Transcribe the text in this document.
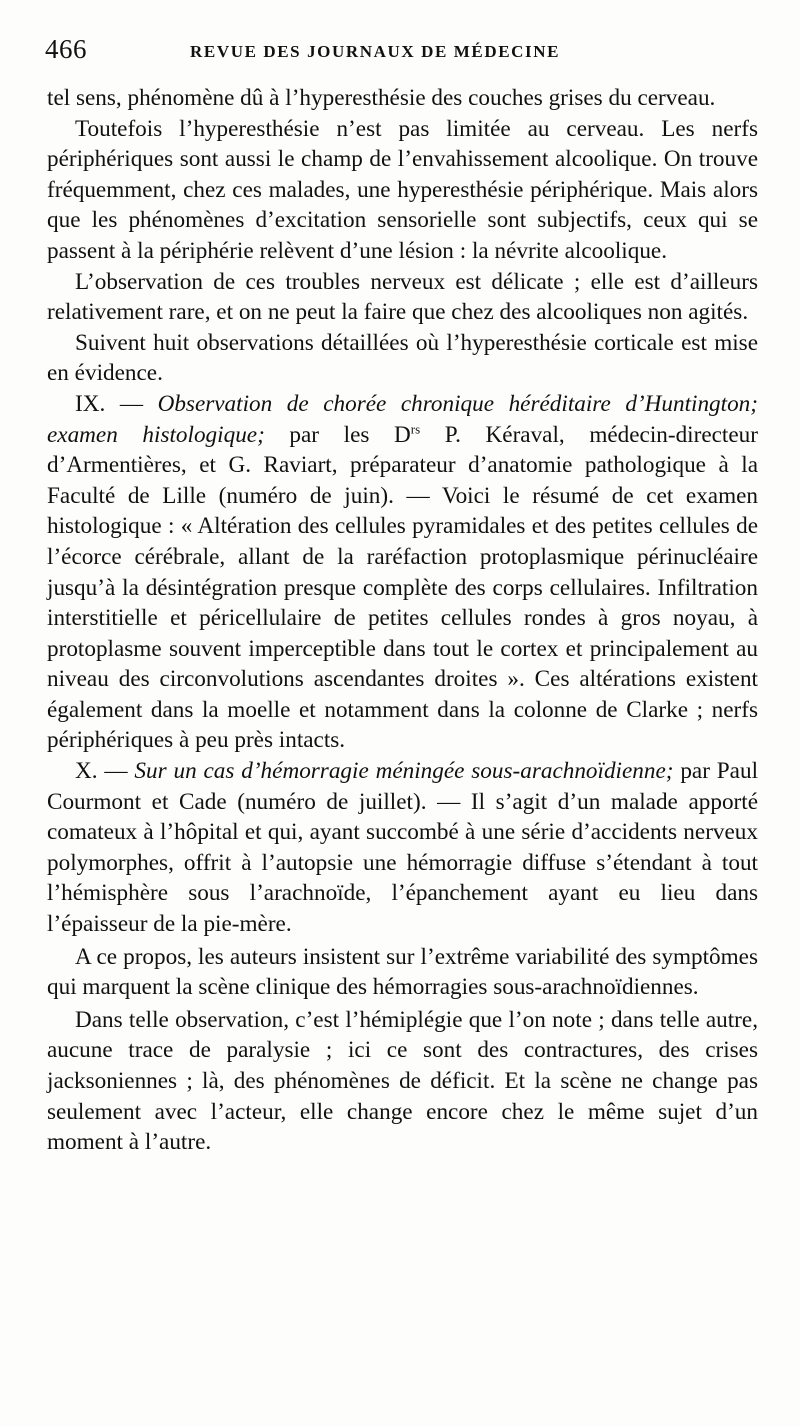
466	REVUE DES JOURNAUX DE MÉDECINE

tel sens, phénomène dû à l’hyperesthésie des couches grises du cerveau.

Toutefois l’hyperesthésie n’est pas limitée au cerveau. Les nerfs périphériques sont aussi le champ de l’envahissement alcoolique. On trouve fréquemment, chez ces malades, une hyperesthésie périphérique. Mais alors que les phénomènes d’excitation sensorielle sont subjectifs, ceux qui se passent à la périphérie relèvent d’une lésion : la névrite alcoolique.

L’observation de ces troubles nerveux est délicate ; elle est d’ailleurs relativement rare, et on ne peut la faire que chez des alcooliques non agités.

Suivent huit observations détaillées où l’hyperesthésie corticale est mise en évidence.

IX. — Observation de chorée chronique héréditaire d’Huntington; examen histologique; par les $D^{rs}$ P. Kéraval, médecin-directeur d’Armentières, et G. Raviart, préparateur d’anatomie pathologique à la Faculté de Lille (numéro de juin). — Voici le résumé de cet examen histologique : « Altération des cellules pyramidales et des petites cellules de l’écorce cérébrale, allant de la raréfaction protoplasmique périnucléaire jusqu’à la désintégration presque complète des corps cellulaires. Infiltration interstitielle et péricellulaire de petites cellules rondes à gros noyau, à protoplasme souvent imperceptible dans tout le cortex et principalement au niveau des circonvolutions ascendantes droites ». Ces altérations existent également dans la moelle et notamment dans la colonne de Clarke ; nerfs périphériques à peu près intacts.

X. — Sur un cas d’hémorragie méningée sous-arachnoïdienne; par Paul Courmont et Cade (numéro de juillet). — Il s’agit d’un malade apporté comateux à l’hôpital et qui, ayant succombé à une série d’accidents nerveux polymorphes, offrit à l’autopsie une hémorragie diffuse s’étendant à tout l’hémisphère sous l’arachnoïde, l’épanchement ayant eu lieu dans l’épaisseur de la pie-mère.

A ce propos, les auteurs insistent sur l’extrême variabilité des symptômes qui marquent la scène clinique des hémorragies sous-arachnoïdiennes.

Dans telle observation, c’est l’hémiplégie que l’on note ; dans telle autre, aucune trace de paralysie ; ici ce sont des contractures, des crises jacksoniennes ; là, des phénomènes de déficit. Et la scène ne change pas seulement avec l’acteur, elle change encore chez le même sujet d’un moment à l’autre.
